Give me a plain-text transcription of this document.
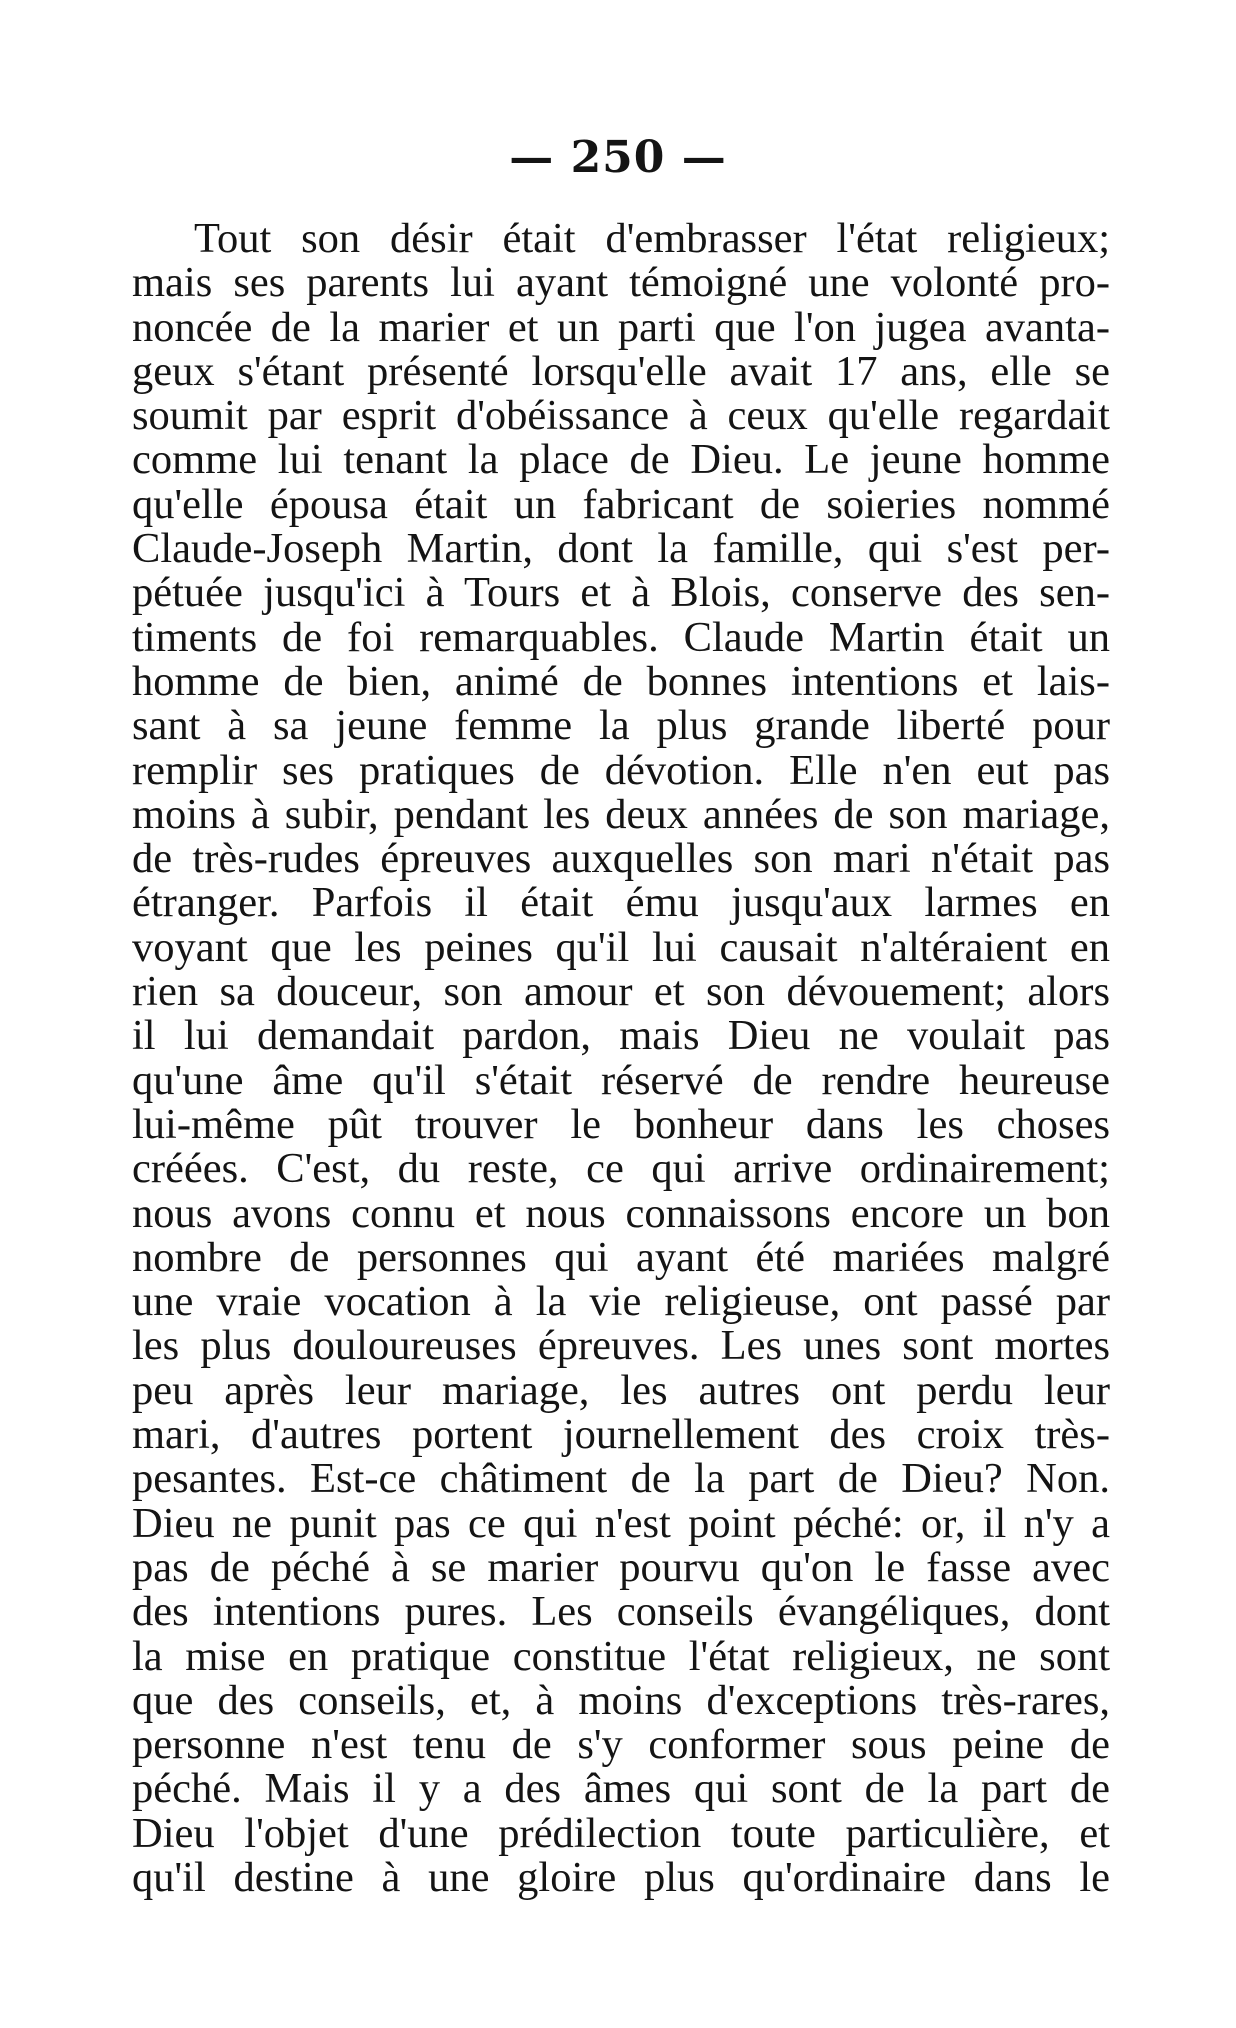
— 250 —
Tout son désir était d'embrasser l'état religieux;
mais ses parents lui ayant témoigné une volonté pro-
noncée de la marier et un parti que l'on jugea avanta-
geux s'étant présenté lorsqu'elle avait 17 ans, elle se
soumit par esprit d'obéissance à ceux qu'elle regardait
comme lui tenant la place de Dieu. Le jeune homme
qu'elle épousa était un fabricant de soieries nommé
Claude-Joseph Martin, dont la famille, qui s'est per-
pétuée jusqu'ici à Tours et à Blois, conserve des sen-
timents de foi remarquables. Claude Martin était un
homme de bien, animé de bonnes intentions et lais-
sant à sa jeune femme la plus grande liberté pour
remplir ses pratiques de dévotion. Elle n'en eut pas
moins à subir, pendant les deux années de son mariage,
de très-rudes épreuves auxquelles son mari n'était pas
étranger. Parfois il était ému jusqu'aux larmes en
voyant que les peines qu'il lui causait n'altéraient en
rien sa douceur, son amour et son dévouement; alors
il lui demandait pardon, mais Dieu ne voulait pas
qu'une âme qu'il s'était réservé de rendre heureuse
lui-même pût trouver le bonheur dans les choses
créées. C'est, du reste, ce qui arrive ordinairement;
nous avons connu et nous connaissons encore un bon
nombre de personnes qui ayant été mariées malgré
une vraie vocation à la vie religieuse, ont passé par
les plus douloureuses épreuves. Les unes sont mortes
peu après leur mariage, les autres ont perdu leur
mari, d'autres portent journellement des croix très-
pesantes. Est-ce châtiment de la part de Dieu? Non.
Dieu ne punit pas ce qui n'est point péché: or, il n'y a
pas de péché à se marier pourvu qu'on le fasse avec
des intentions pures. Les conseils évangéliques, dont
la mise en pratique constitue l'état religieux, ne sont
que des conseils, et, à moins d'exceptions très-rares,
personne n'est tenu de s'y conformer sous peine de
péché. Mais il y a des âmes qui sont de la part de
Dieu l'objet d'une prédilection toute particulière, et
qu'il destine à une gloire plus qu'ordinaire dans le
